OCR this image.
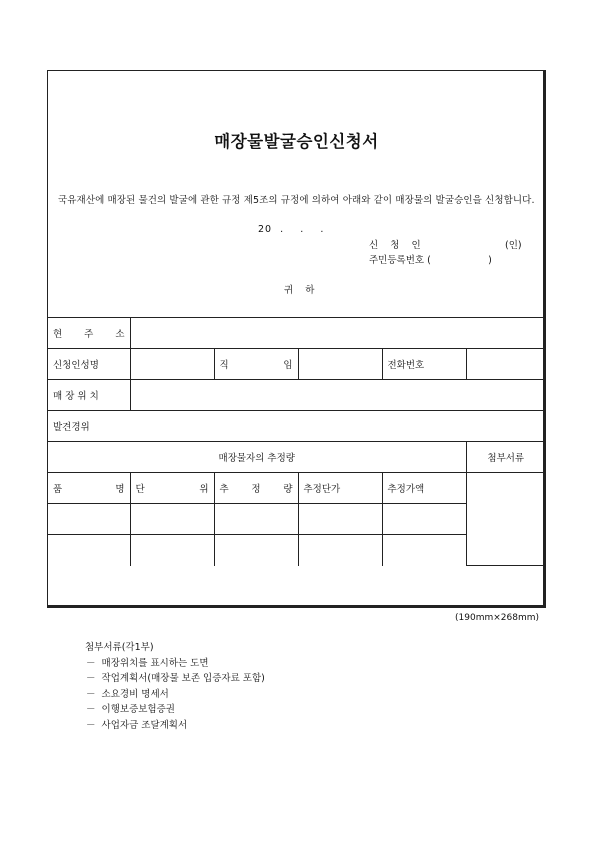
매장물발굴승인신청서
국유재산에 매장된 물건의 발굴에 관한 규정 제5조의 규정에 의하여 아래와 같이 매장물의 발굴승인을 신청합니다.
20  .    .    .
신    청    인	(인)
주민등록번호 (                   )
귀    하
현 주 소					
신청인성명		직 임		전화번호	
매 장 위 치					
발견경위					
매장물자의 추정량					첨부서류
품 명	단 위	추 정 량	추정단가	추정가액	

(190mm×268mm)
첨부서류(각1부)
－  매장위치를 표시하는 도면
－  작업계획서(매장물 보존 입증자료 포함)
－  소요경비 명세서
－  이행보증보험증권
－  사업자금 조달계획서
